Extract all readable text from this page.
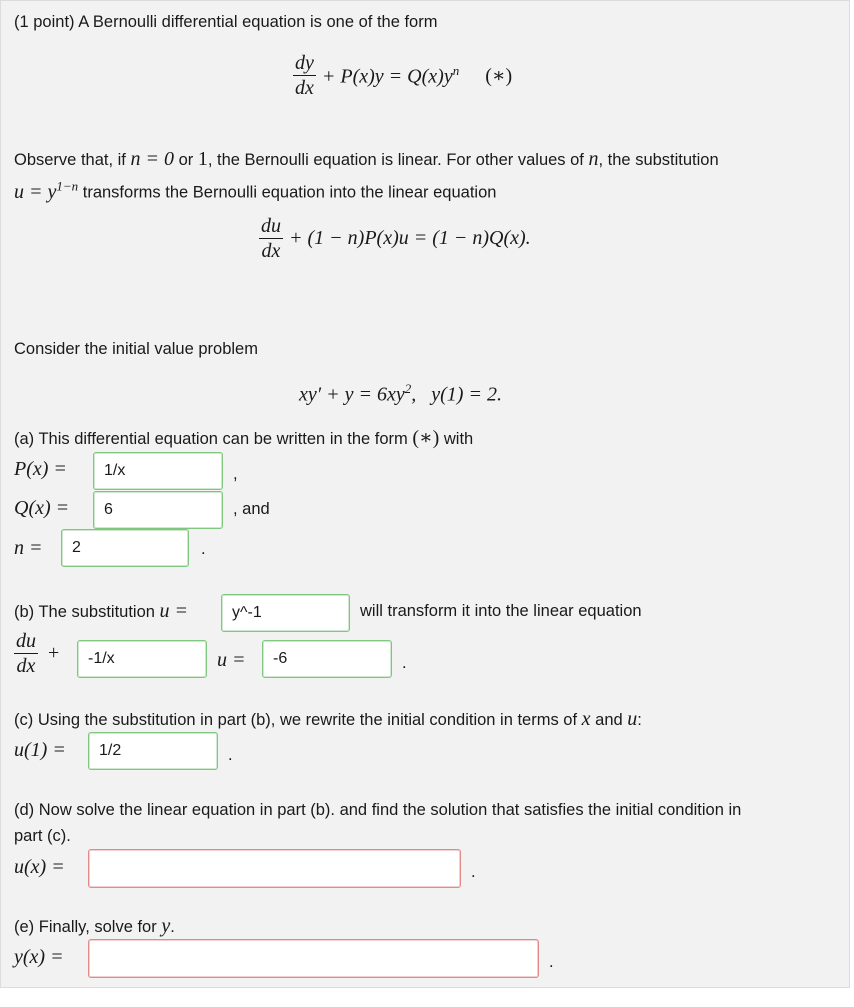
(1 point) A Bernoulli differential equation is one of the form
$\frac{dy}{dx} + P(x)y = Q(x)y^n$ (∗)
Observe that, if n = 0 or 1, the Bernoulli equation is linear. For other values of n, the substitution
$u = y^{1-n}$ transforms the Bernoulli equation into the linear equation
$\frac{du}{dx} + (1 - n)P(x)u = (1 - n)Q(x)$.
Consider the initial value problem
$xy' + y = 6xy^2$,   y(1) = 2.
(a) This differential equation can be written in the form (∗) with
P(x) =
1/x	,
Q(x) =
6	, and
n =
2	.
(b) The substitution u =
y^-1	will transform it into the linear equation
$\frac{du}{dx}$ +
-1/x	u =
-6	.
(c) Using the substitution in part (b), we rewrite the initial condition in terms of x and u:
u(1) =
1/2	.
(d) Now solve the linear equation in part (b). and find the solution that satisfies the initial condition in
part (c).
u(x) =	.
(e) Finally, solve for y.
y(x) =	.
